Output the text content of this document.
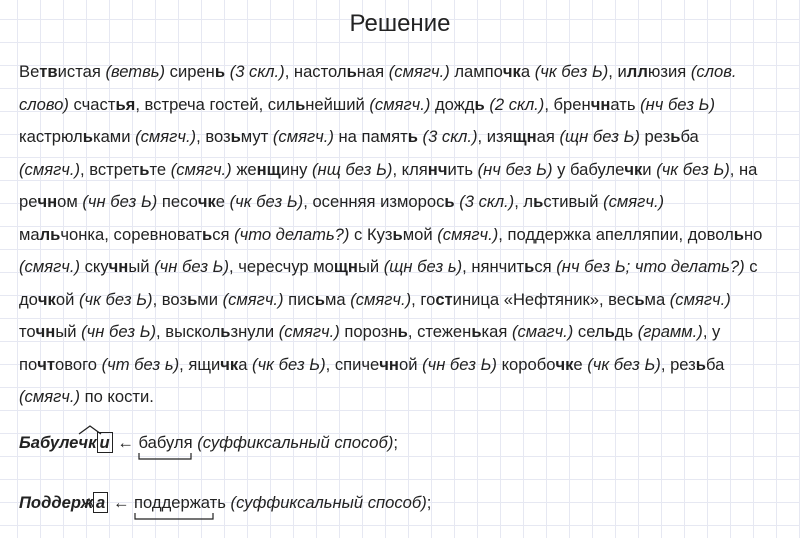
Решение
Ветвистая (ветвь) сирень (3 скл.), настольная (смягч.) лампочка (чк без Ь), иллюзия (слов.
слово) счастья, встреча гостей, сильнейший (смягч.) дождь (2 скл.), бренчнать (нч без Ь)
кастрюльками (смягч.), возьмут (смягч.) на память (3 скл.), изящная (щн без Ь) резьба
(смягч.), встретьте (смягч.) женщину (нщ без Ь), клянчить (нч без Ь) у бабулечки (чк без Ь), на
речном (чн без Ь) песочке (чк без Ь), осенняя изморось (3 скл.), льстивый (смягч.)
мальчонка, соревноваться (что делать?) с Кузьмой (смягч.), поддержка апелляпии, довольно
(смягч.) скучный (чн без Ь), чересчур мощный (щн без ь), нянчиться (нч без Ь; что делать?) с
дочкой (чк без Ь), возьми (смягч.) письма (смягч.), гостиница «Нефтяник», весьма (смягч.)
точный (чн без Ь), выскользнули (смягч.) порознь, стеженькая (смагч.) сельдь (грамм.), у
почтового (чт без ь), ящичка (чк без Ь), спичечной (чн без Ь) коробочке (чк без Ь), резьба
(смягч.) по кости.
Бабуле
чк и ← бабуля (суффиксальный способ);
Поддерж а ← поддержать (суффиксальный способ);
